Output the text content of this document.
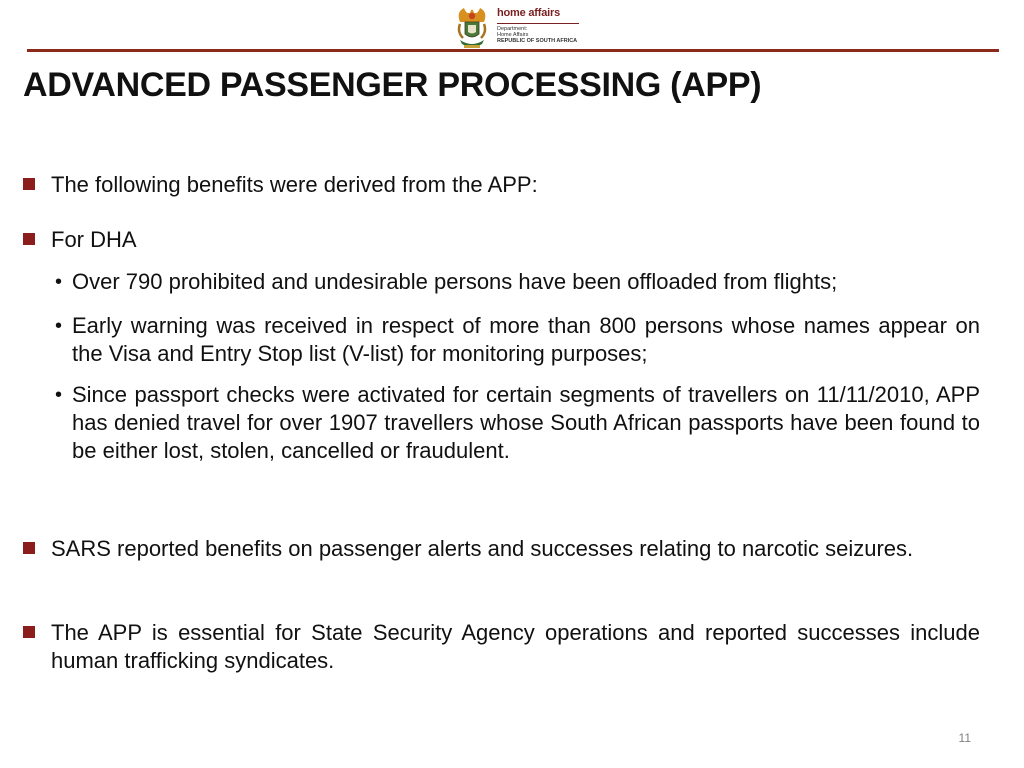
home affairs
Department:
Home Affairs
REPUBLIC OF SOUTH AFRICA
ADVANCED PASSENGER PROCESSING (APP)
The following benefits were derived from the APP:
For DHA
• Over 790 prohibited and undesirable persons have been offloaded from flights;
• Early warning was received in respect of more than 800 persons whose names appear on the Visa and Entry Stop list (V-list) for monitoring purposes;
• Since passport checks were activated for certain segments of travellers on 11/11/2010, APP has denied travel for over 1907 travellers whose South African passports have been found to be either lost, stolen, cancelled or fraudulent.
SARS reported benefits on passenger alerts and successes relating to narcotic seizures.
The APP is essential for State Security Agency operations and reported successes include human trafficking syndicates.
11
